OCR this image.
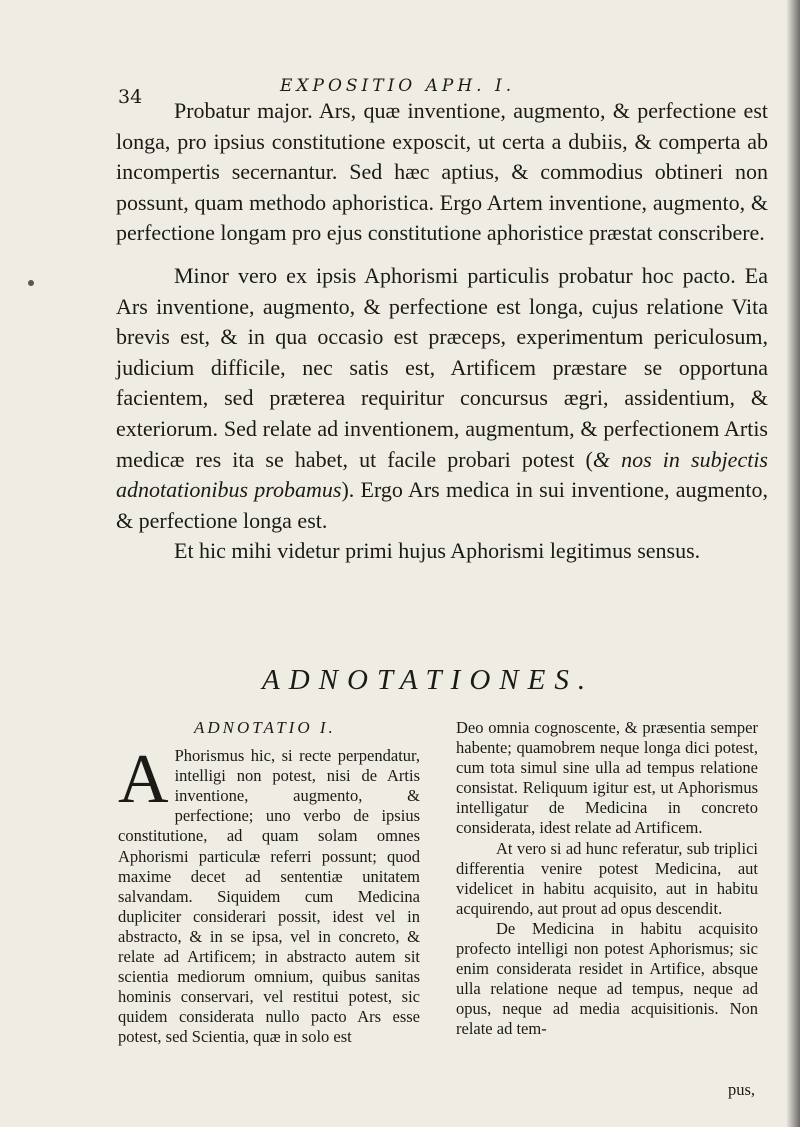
34	EXPOSITIO APH. I.

Probatur major. Ars, quæ inventione, augmento, & perfectione est longa, pro ipsius constitutione exposcit, ut certa a dubiis, & comperta ab incompertis secernantur. Sed hæc aptius, & commodius obtineri non possunt, quam methodo aphoristica. Ergo Artem inventione, augmento, & perfectione longam pro ejus constitutione aphoristice præstat conscribere.

Minor vero ex ipsis Aphorismi particulis probatur hoc pacto. Ea Ars inventione, augmento, & perfectione est longa, cujus relatione Vita brevis est, & in qua occasio est præceps, experimentum periculosum, judicium difficile, nec satis est, Artificem præstare se opportuna facientem, sed præterea requiritur concursus ægri, assidentium, & exteriorum. Sed relate ad inventionem, augmentum, & perfectionem Artis medicæ res ita se habet, ut facile probari potest (& nos in subjectis adnotationibus probamus). Ergo Ars medica in sui inventione, augmento, & perfectione longa est.

Et hic mihi videtur primi hujus Aphorismi legitimus sensus.

ADNOTATIONES.

ADNOTATIO I.

A Phorismus hic, si recte perpendatur, intelligi non potest, nisi de Artis inventione, augmento, & perfectione; uno verbo de ipsius constitutione, ad quam solam omnes Aphorismi particulæ referri possunt; quod maxime decet ad sententiæ unitatem salvandam. Siquidem cum Medicina dupliciter considerari possit, idest vel in abstracto, & in se ipsa, vel in concreto, & relate ad Artificem; in abstracto autem sit scientia mediorum omnium, quibus sanitas hominis conservari, vel restitui potest, sic quidem considerata nullo pacto Ars esse potest, sed Scientia, quæ in solo est

Deo omnia cognoscente, & præsentia semper habente; quamobrem neque longa dici potest, cum tota simul sine ulla ad tempus relatione consistat. Reliquum igitur est, ut Aphorismus intelligatur de Medicina in concreto considerata, idest relate ad Artificem.

At vero si ad hunc referatur, sub triplici differentia venire potest Medicina, aut videlicet in habitu acquisito, aut in habitu acquirendo, aut prout ad opus descendit.

De Medicina in habitu acquisito profecto intelligi non potest Aphorismus; sic enim considerata residet in Artifice, absque ulla relatione neque ad tempus, neque ad opus, neque ad media acquisitionis. Non relate ad tem-

pus,
